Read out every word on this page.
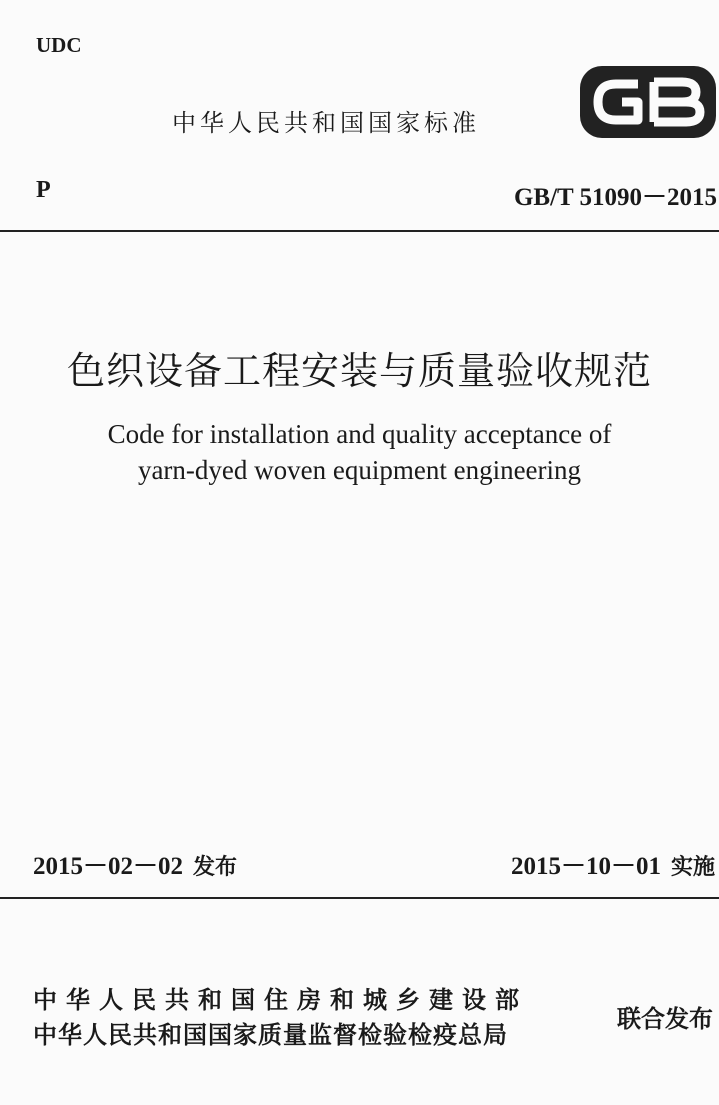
UDC
中华人民共和国国家标准
P	GB/T 51090－2015
色织设备工程安装与质量验收规范
Code for installation and quality acceptance of
yarn-dyed woven equipment engineering
2015－02－02 发布	2015－10－01 实施
中华人民共和国住房和城乡建设部
中华人民共和国国家质量监督检验检疫总局
联合发布
